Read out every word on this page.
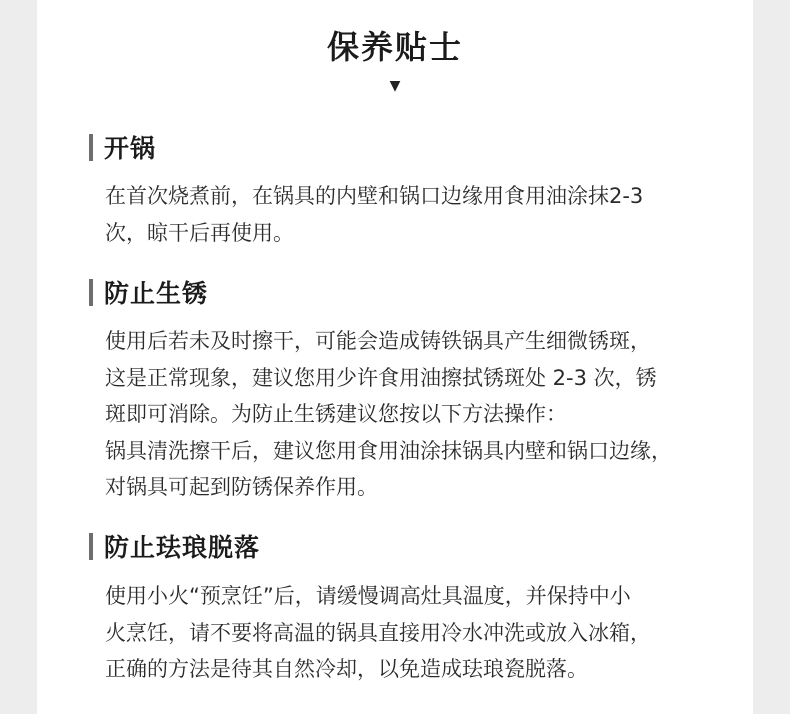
保养贴士
▼
开锅
在首次烧煮前，在锅具的内壁和锅口边缘用食用油涂抹2-3
次，晾干后再使用。
防止生锈
使用后若未及时擦干，可能会造成铸铁锅具产生细微锈斑，
这是正常现象，建议您用少许食用油擦拭锈斑处 2-3 次，锈
斑即可消除。为防止生锈建议您按以下方法操作：
锅具清洗擦干后，建议您用食用油涂抹锅具内壁和锅口边缘，
对锅具可起到防锈保养作用。
防止珐琅脱落
使用小火“预烹饪”后，请缓慢调高灶具温度，并保持中小
火烹饪，请不要将高温的锅具直接用冷水冲洗或放入冰箱，
正确的方法是待其自然冷却，以免造成珐琅瓷脱落。
